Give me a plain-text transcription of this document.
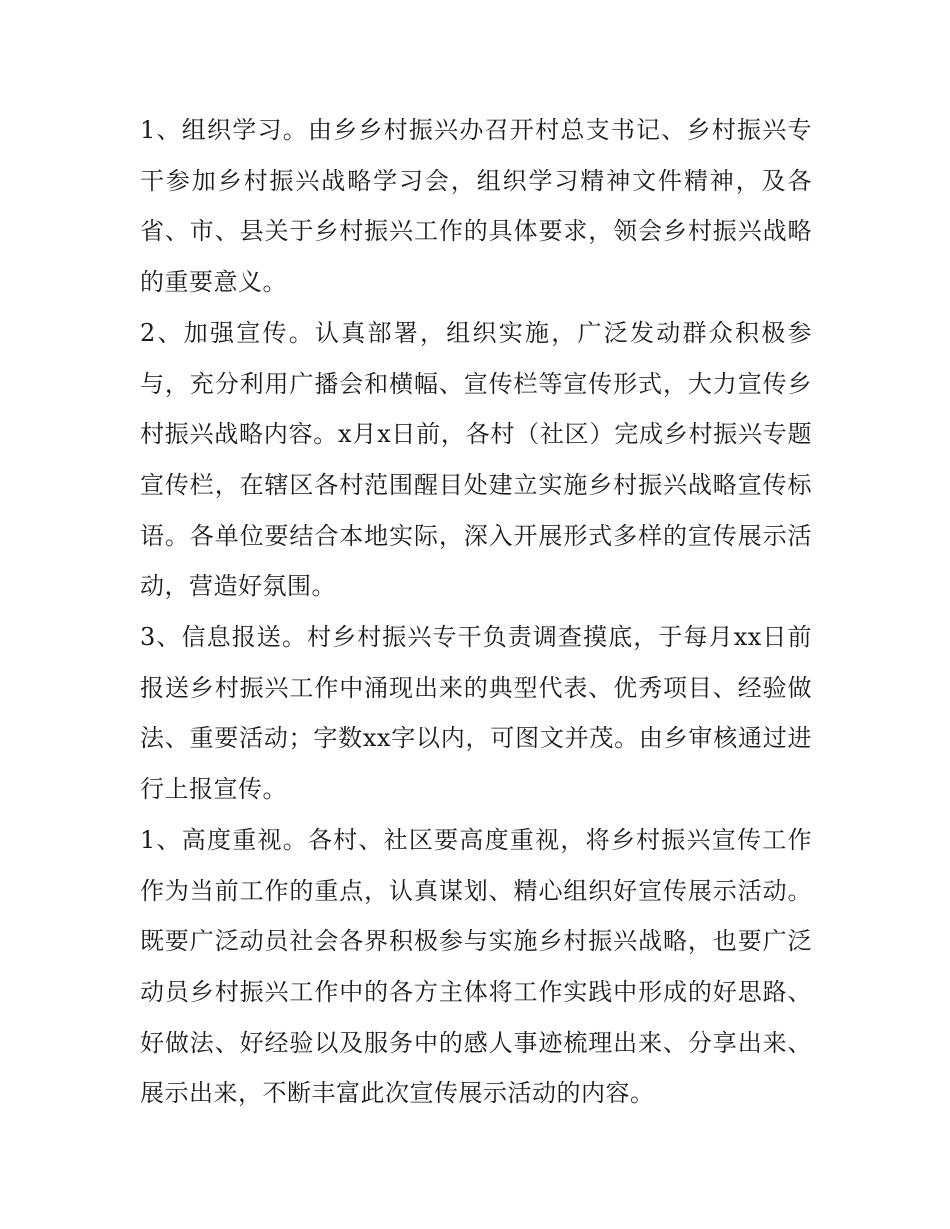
1、组织学习。由乡乡村振兴办召开村总支书记、乡村振兴专干参加乡村振兴战略学习会，组织学习精神文件精神，及各省、市、县关于乡村振兴工作的具体要求，领会乡村振兴战略的重要意义。

2、加强宣传。认真部署，组织实施，广泛发动群众积极参与，充分利用广播会和横幅、宣传栏等宣传形式，大力宣传乡村振兴战略内容。x月x日前，各村（社区）完成乡村振兴专题宣传栏，在辖区各村范围醒目处建立实施乡村振兴战略宣传标语。各单位要结合本地实际，深入开展形式多样的宣传展示活动，营造好氛围。

3、信息报送。村乡村振兴专干负责调查摸底，于每月xx日前报送乡村振兴工作中涌现出来的典型代表、优秀项目、经验做法、重要活动；字数xx字以内，可图文并茂。由乡审核通过进行上报宣传。

1、高度重视。各村、社区要高度重视，将乡村振兴宣传工作作为当前工作的重点，认真谋划、精心组织好宣传展示活动。既要广泛动员社会各界积极参与实施乡村振兴战略，也要广泛动员乡村振兴工作中的各方主体将工作实践中形成的好思路、好做法、好经验以及服务中的感人事迹梳理出来、分享出来、展示出来，不断丰富此次宣传展示活动的内容。
